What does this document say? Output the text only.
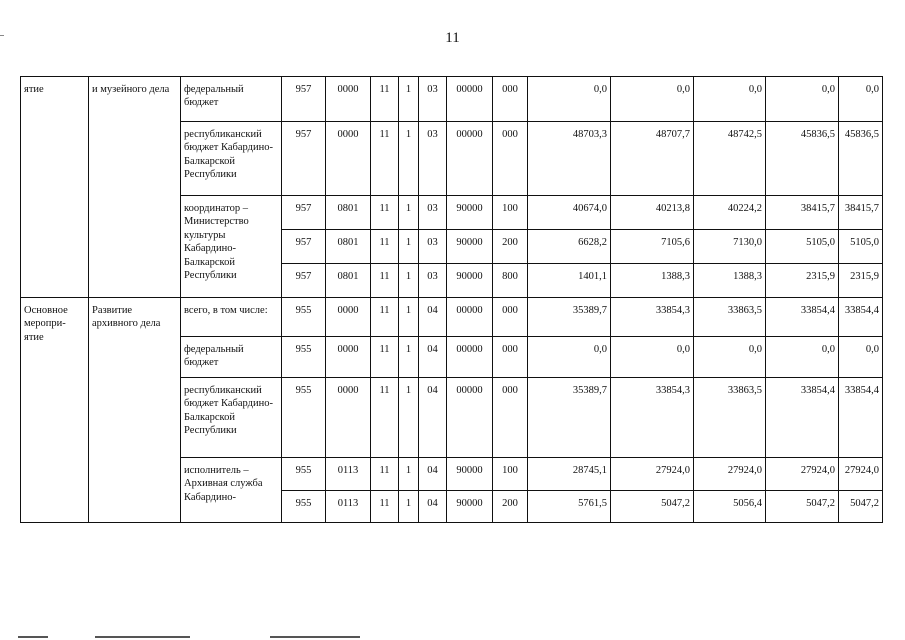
11
ятие	и музейного дела	федеральный бюджет	957	0000	11	1	03	00000	000	0,0	0,0	0,0	0,0	0,0
		республиканский бюджет Кабардино-Балкарской Республики	957	0000	11	1	03	00000	000	48703,3	48707,7	48742,5	45836,5	45836,5
		координатор – Министерство культуры Кабардино-Балкарской Республики	957	0801	11	1	03	90000	100	40674,0	40213,8	40224,2	38415,7	38415,7
			957	0801	11	1	03	90000	200	6628,2	7105,6	7130,0	5105,0	5105,0
			957	0801	11	1	03	90000	800	1401,1	1388,3	1388,3	2315,9	2315,9
Основное меропри-ятие	Развитие архивного дела	всего, в том числе:	955	0000	11	1	04	00000	000	35389,7	33854,3	33863,5	33854,4	33854,4
		федеральный бюджет	955	0000	11	1	04	00000	000	0,0	0,0	0,0	0,0	0,0
		республиканский бюджет Кабардино-Балкарской Республики	955	0000	11	1	04	00000	000	35389,7	33854,3	33863,5	33854,4	33854,4
		исполнитель – Архивная служба Кабардино-	955	0113	11	1	04	90000	100	28745,1	27924,0	27924,0	27924,0	27924,0
			955	0113	11	1	04	90000	200	5761,5	5047,2	5056,4	5047,2	5047,2
